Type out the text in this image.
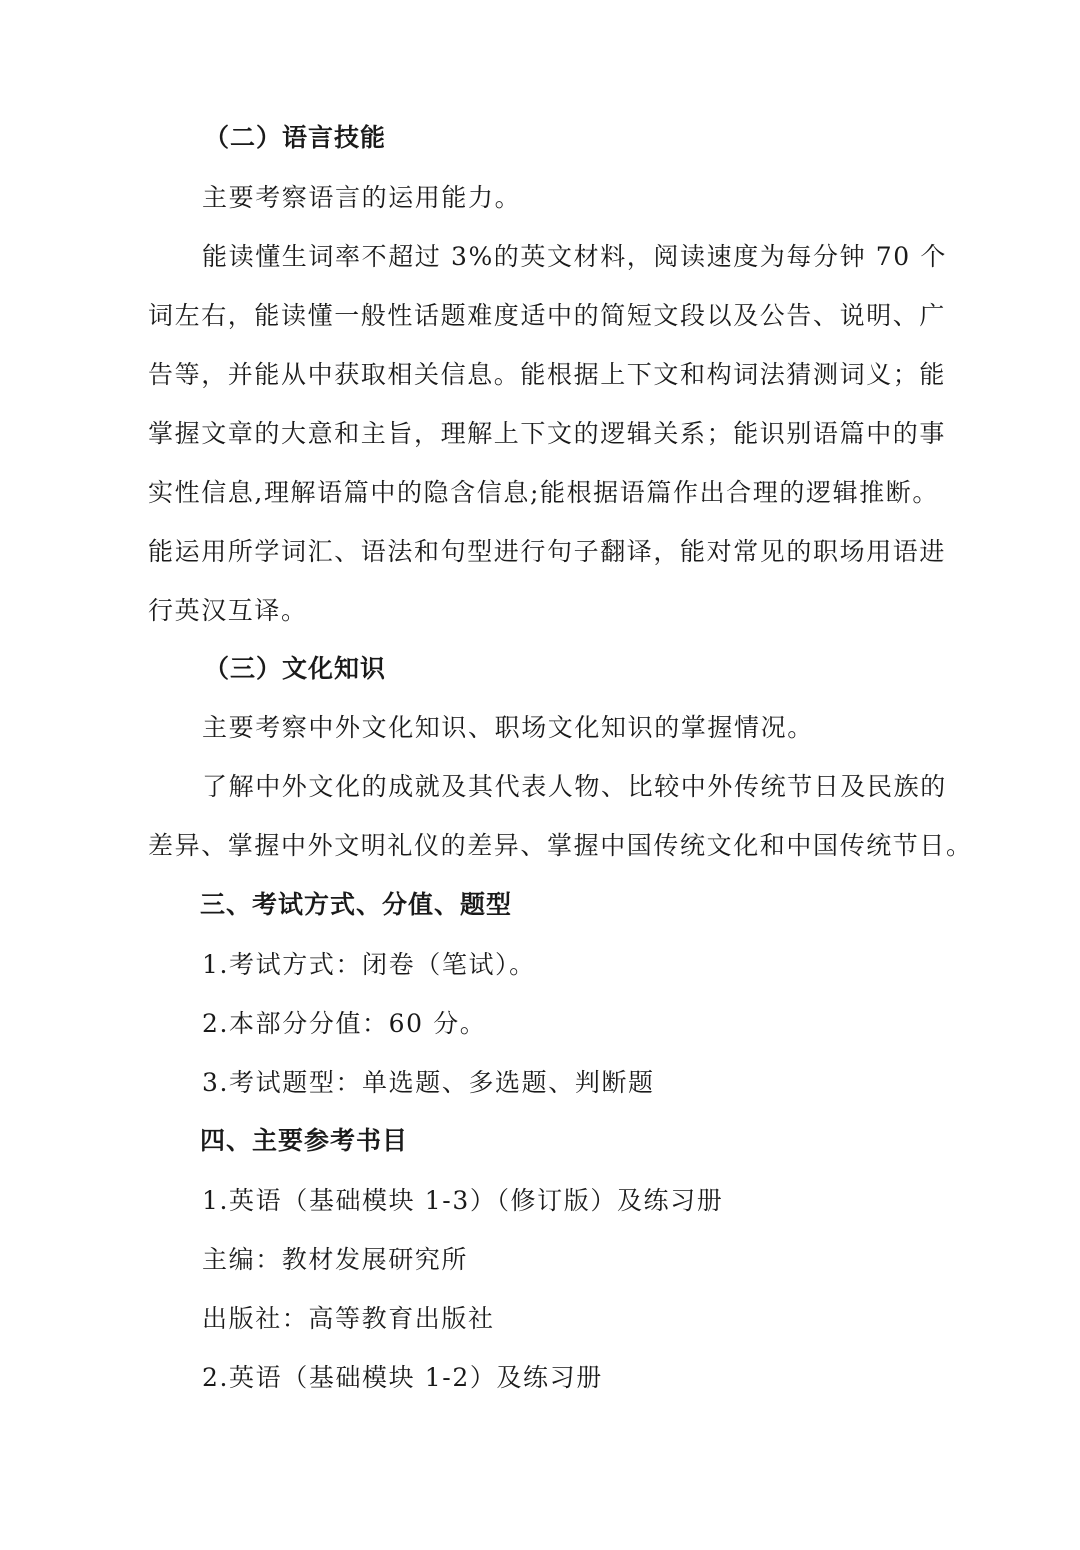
（二）语言技能
主要考察语言的运用能力。
能读懂生词率不超过 3%的英文材料，阅读速度为每分钟 70 个
词左右，能读懂一般性话题难度适中的简短文段以及公告、说明、广
告等，并能从中获取相关信息。能根据上下文和构词法猜测词义；能
掌握文章的大意和主旨，理解上下文的逻辑关系；能识别语篇中的事
实性信息,理解语篇中的隐含信息;能根据语篇作出合理的逻辑推断。
能运用所学词汇、语法和句型进行句子翻译，能对常见的职场用语进
行英汉互译。
（三）文化知识
主要考察中外文化知识、职场文化知识的掌握情况。
了解中外文化的成就及其代表人物、比较中外传统节日及民族的
差异、掌握中外文明礼仪的差异、掌握中国传统文化和中国传统节日。
三、考试方式、分值、题型
1.考试方式：闭卷（笔试）。
2.本部分分值：60 分。
3.考试题型：单选题、多选题、判断题
四、主要参考书目
1.英语（基础模块 1-3）（修订版）及练习册
主编：教材发展研究所
出版社：高等教育出版社
2.英语（基础模块 1-2）及练习册
